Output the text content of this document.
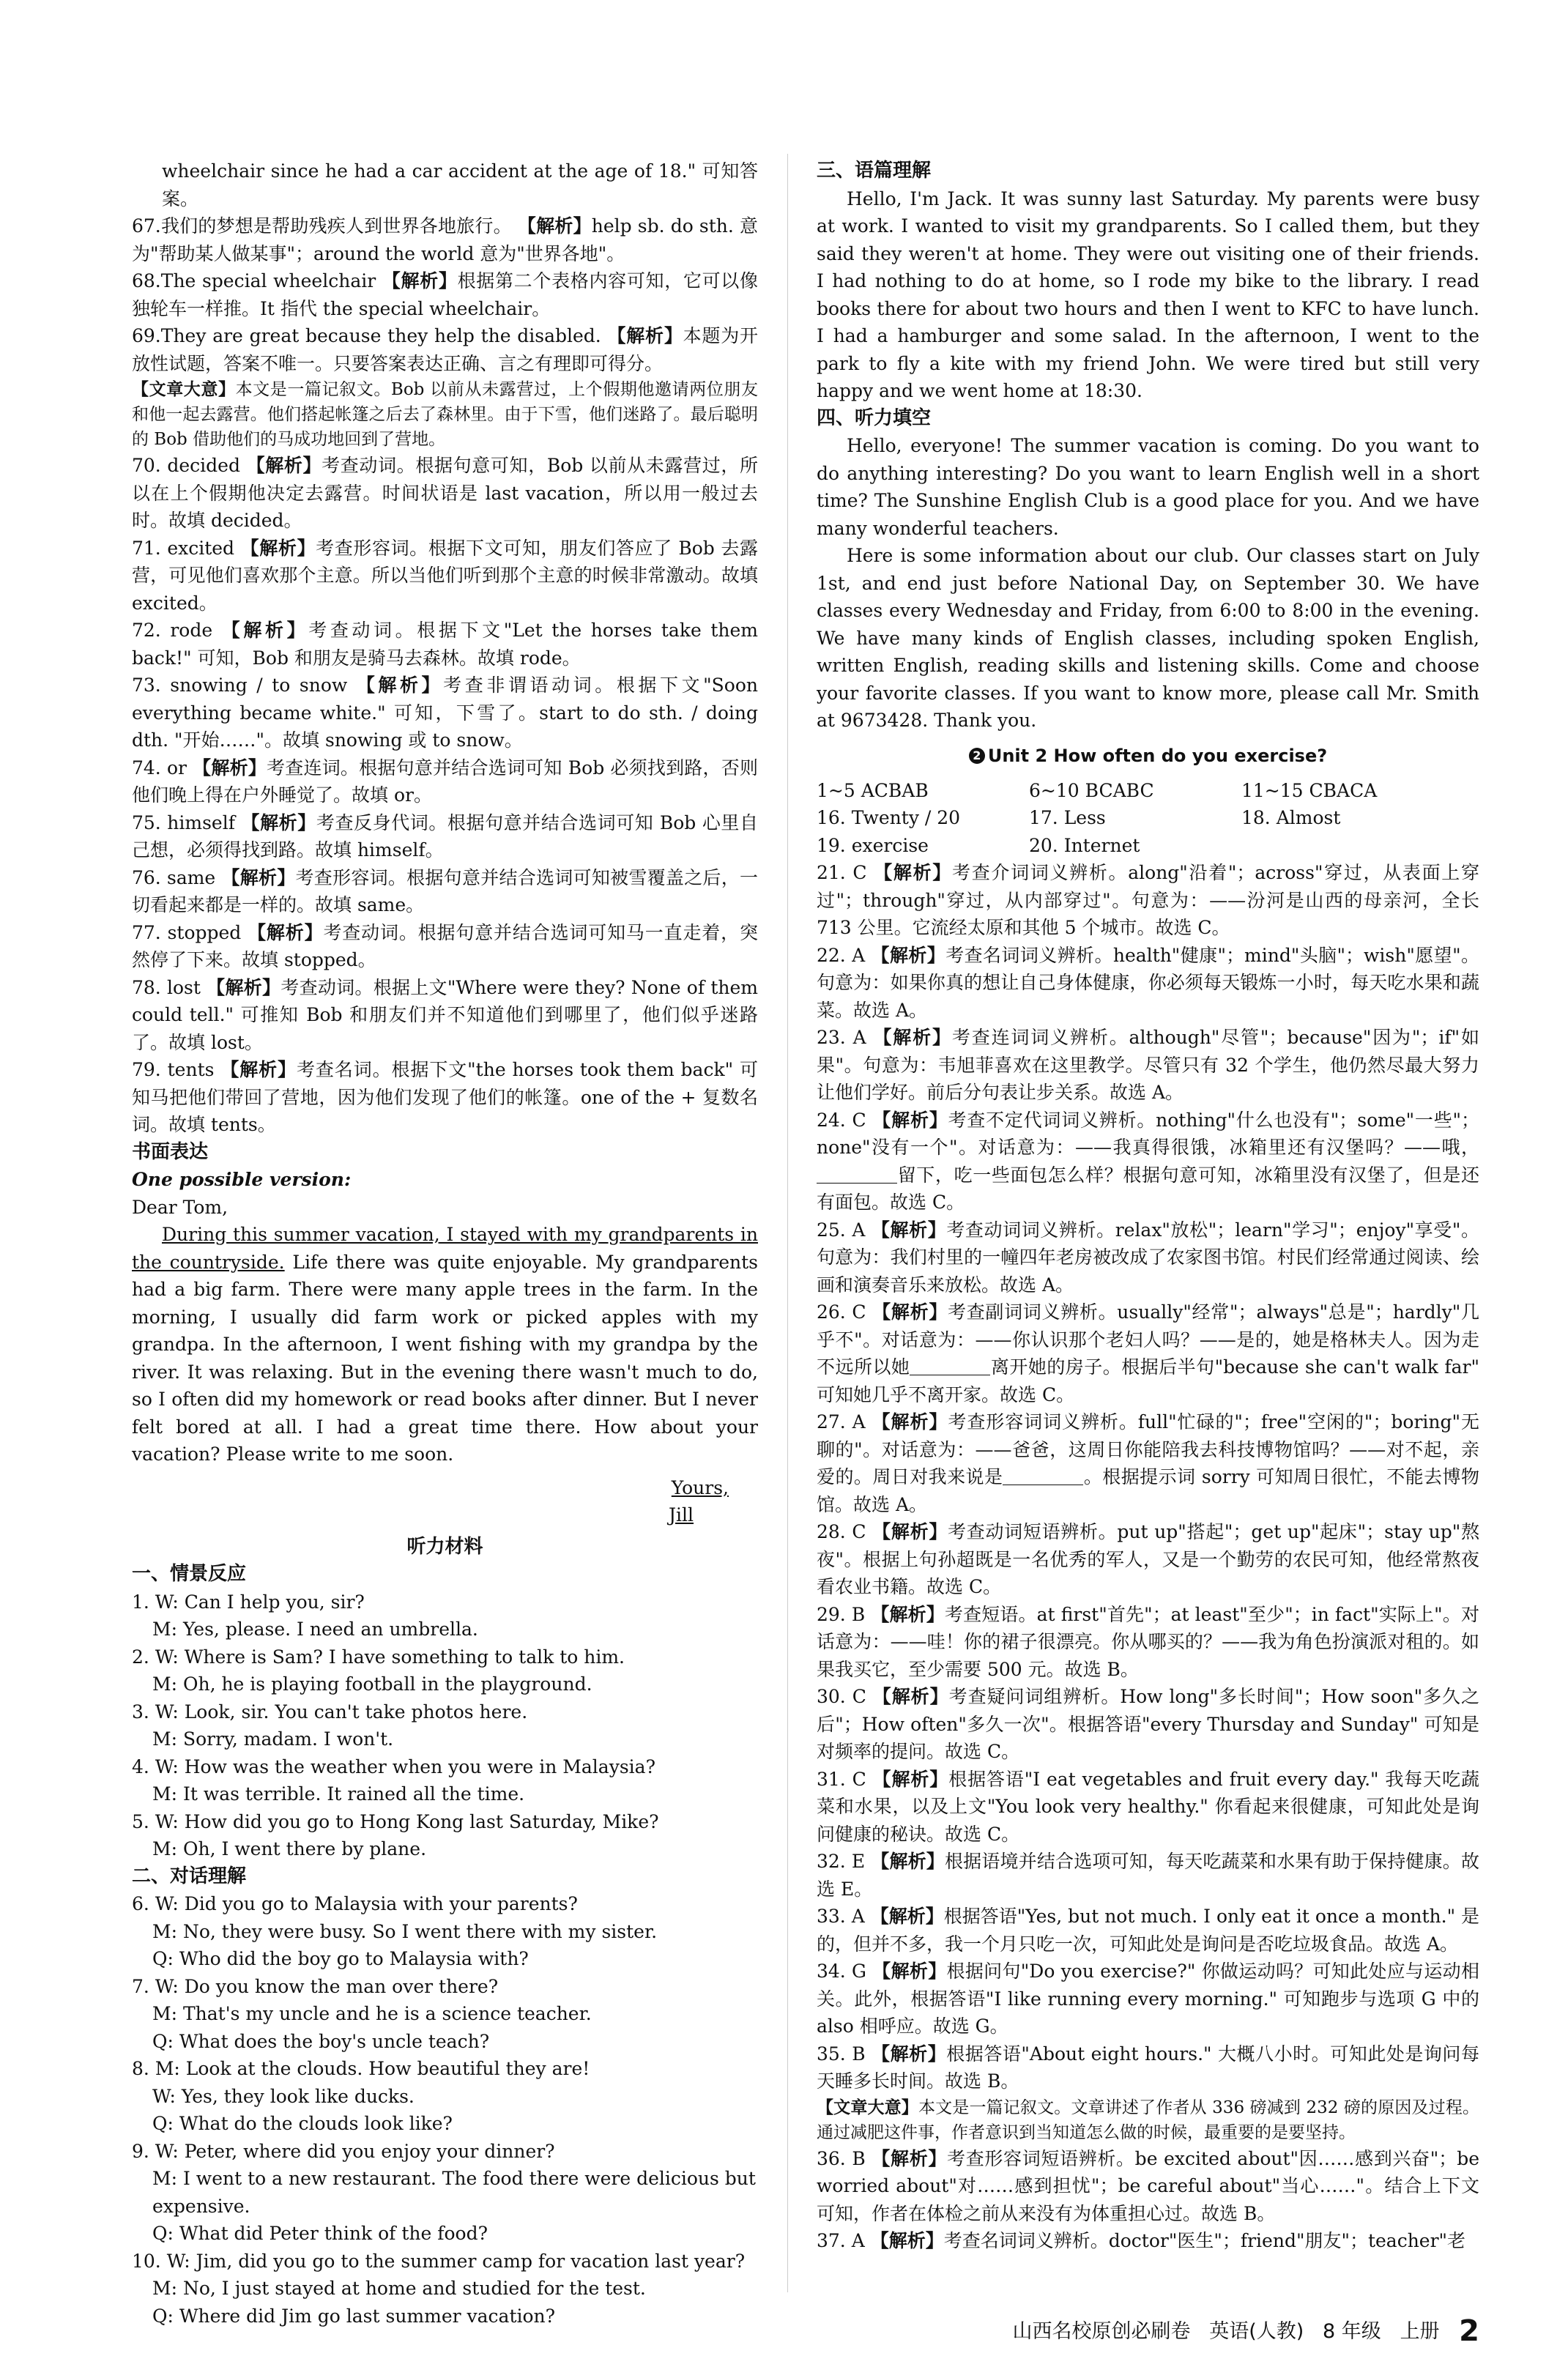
wheelchair since he had a car accident at the age of 18." 可知答案。

67.我们的梦想是帮助残疾人到世界各地旅行。 【解析】help sb. do sth. 意为"帮助某人做某事"；around the world 意为"世界各地"。

68.The special wheelchair 【解析】根据第二个表格内容可知，它可以像独轮车一样推。It 指代 the special wheelchair。

69.They are great because they help the disabled. 【解析】本题为开放性试题，答案不唯一。只要答案表达正确、言之有理即可得分。

【文章大意】本文是一篇记叙文。Bob 以前从未露营过，上个假期他邀请两位朋友和他一起去露营。他们搭起帐篷之后去了森林里。由于下雪，他们迷路了。最后聪明的 Bob 借助他们的马成功地回到了营地。

70. decided 【解析】考查动词。根据句意可知，Bob 以前从未露营过，所以在上个假期他决定去露营。时间状语是 last vacation，所以用一般过去时。故填 decided。

71. excited 【解析】考查形容词。根据下文可知，朋友们答应了 Bob 去露营，可见他们喜欢那个主意。所以当他们听到那个主意的时候非常激动。故填 excited。

72. rode 【解析】考查动词。根据下文"Let the horses take them back!" 可知，Bob 和朋友是骑马去森林。故填 rode。

73. snowing / to snow 【解析】考查非谓语动词。根据下文"Soon everything became white." 可知，下雪了。start to do sth. / doing dth. "开始……"。故填 snowing 或 to snow。

74. or 【解析】考查连词。根据句意并结合选词可知 Bob 必须找到路，否则他们晚上得在户外睡觉了。故填 or。

75. himself 【解析】考查反身代词。根据句意并结合选词可知 Bob 心里自己想，必须得找到路。故填 himself。

76. same 【解析】考查形容词。根据句意并结合选词可知被雪覆盖之后，一切看起来都是一样的。故填 same。

77. stopped 【解析】考查动词。根据句意并结合选词可知马一直走着，突然停了下来。故填 stopped。

78. lost 【解析】考查动词。根据上文"Where were they? None of them could tell." 可推知 Bob 和朋友们并不知道他们到哪里了，他们似乎迷路了。故填 lost。

79. tents 【解析】考查名词。根据下文"the horses took them back" 可知马把他们带回了营地，因为他们发现了他们的帐篷。one of the + 复数名词。故填 tents。

书面表达

One possible version:

Dear Tom,

During this summer vacation, I stayed with my grandparents in the countryside. Life there was quite enjoyable. My grandparents had a big farm. There were many apple trees in the farm. In the morning, I usually did farm work or picked apples with my grandpa. In the afternoon, I went fishing with my grandpa by the river. It was relaxing. But in the evening there wasn't much to do, so I often did my homework or read books after dinner. But I never felt bored at all. I had a great time there. How about your vacation? Please write to me soon.

Yours,

Jill

听力材料

一、情景反应

1. W: Can I help you, sir?

M: Yes, please. I need an umbrella.

2. W: Where is Sam? I have something to talk to him.

M: Oh, he is playing football in the playground.

3. W: Look, sir. You can't take photos here.

M: Sorry, madam. I won't.

4. W: How was the weather when you were in Malaysia?

M: It was terrible. It rained all the time.

5. W: How did you go to Hong Kong last Saturday, Mike?

M: Oh, I went there by plane.

二、对话理解

6. W: Did you go to Malaysia with your parents?

M: No, they were busy. So I went there with my sister.

Q: Who did the boy go to Malaysia with?

7. W: Do you know the man over there?

M: That's my uncle and he is a science teacher.

Q: What does the boy's uncle teach?

8. M: Look at the clouds. How beautiful they are!

W: Yes, they look like ducks.

Q: What do the clouds look like?

9. W: Peter, where did you enjoy your dinner?

M: I went to a new restaurant. The food there were delicious but expensive.

Q: What did Peter think of the food?

10. W: Jim, did you go to the summer camp for vacation last year?

M: No, I just stayed at home and studied for the test.

Q: Where did Jim go last summer vacation?

三、语篇理解

Hello, I'm Jack. It was sunny last Saturday. My parents were busy at work. I wanted to visit my grandparents. So I called them, but they said they weren't at home. They were out visiting one of their friends. I had nothing to do at home, so I rode my bike to the library. I read books there for about two hours and then I went to KFC to have lunch. I had a hamburger and some salad. In the afternoon, I went to the park to fly a kite with my friend John. We were tired but still very happy and we went home at 18:30.

四、听力填空

Hello, everyone! The summer vacation is coming. Do you want to do anything interesting? Do you want to learn English well in a short time? The Sunshine English Club is a good place for you. And we have many wonderful teachers.

Here is some information about our club. Our classes start on July 1st, and end just before National Day, on September 30. We have classes every Wednesday and Friday, from 6:00 to 8:00 in the evening. We have many kinds of English classes, including spoken English, written English, reading skills and listening skills. Come and choose your favorite classes. If you want to know more, please call Mr. Smith at 9673428. Thank you.

2 Unit 2 How often do you exercise?

1~5 ACBAB	6~10 BCABC	11~15 CBACA
16. Twenty / 20	17. Less	18. Almost
19. exercise	20. Internet

21. C 【解析】考查介词词义辨析。along"沿着"；across"穿过，从表面上穿过"；through"穿过，从内部穿过"。句意为：——汾河是山西的母亲河，全长 713 公里。它流经太原和其他 5 个城市。故选 C。

22. A 【解析】考查名词词义辨析。health"健康"；mind"头脑"；wish"愿望"。句意为：如果你真的想让自己身体健康，你必须每天锻炼一小时，每天吃水果和蔬菜。故选 A。

23. A 【解析】考查连词词义辨析。although"尽管"；because"因为"；if"如果"。句意为：韦旭菲喜欢在这里教学。尽管只有 32 个学生，他仍然尽最大努力让他们学好。前后分句表让步关系。故选 A。

24. C 【解析】考查不定代词词义辨析。nothing"什么也没有"；some"一些"；none"没有一个"。对话意为：——我真得很饿，冰箱里还有汉堡吗？——哦，留下，吃一些面包怎么样？根据句意可知，冰箱里没有汉堡了，但是还有面包。故选 C。

25. A 【解析】考查动词词义辨析。relax"放松"；learn"学习"；enjoy"享受"。句意为：我们村里的一幢四年老房被改成了农家图书馆。村民们经常通过阅读、绘画和演奏音乐来放松。故选 A。

26. C 【解析】考查副词词义辨析。usually"经常"；always"总是"；hardly"几乎不"。对话意为：——你认识那个老妇人吗？——是的，她是格林夫人。因为走不远所以她	离开她的房子。根据后半句"because she can't walk far" 可知她几乎不离开家。故选 C。

27. A 【解析】考查形容词词义辨析。full"忙碌的"；free"空闲的"；boring"无聊的"。对话意为：——爸爸，这周日你能陪我去科技博物馆吗？——对不起，亲爱的。周日对我来说是	。根据提示词 sorry 可知周日很忙，不能去博物馆。故选 A。

28. C 【解析】考查动词短语辨析。put up"搭起"；get up"起床"；stay up"熬夜"。根据上句孙超既是一名优秀的军人，又是一个勤劳的农民可知，他经常熬夜看农业书籍。故选 C。

29. B 【解析】考查短语。at first"首先"；at least"至少"；in fact"实际上"。对话意为：——哇！你的裙子很漂亮。你从哪买的？——我为角色扮演派对租的。如果我买它，至少需要 500 元。故选 B。

30. C 【解析】考查疑问词组辨析。How long"多长时间"；How soon"多久之后"；How often"多久一次"。根据答语"every Thursday and Sunday" 可知是对频率的提问。故选 C。

31. C 【解析】根据答语"I eat vegetables and fruit every day." 我每天吃蔬菜和水果，以及上文"You look very healthy." 你看起来很健康，可知此处是询问健康的秘诀。故选 C。

32. E 【解析】根据语境并结合选项可知，每天吃蔬菜和水果有助于保持健康。故选 E。

33. A 【解析】根据答语"Yes, but not much. I only eat it once a month." 是的，但并不多，我一个月只吃一次，可知此处是询问是否吃垃圾食品。故选 A。

34. G 【解析】根据问句"Do you exercise?" 你做运动吗？可知此处应与运动相关。此外，根据答语"I like running every morning." 可知跑步与选项 G 中的 also 相呼应。故选 G。

35. B 【解析】根据答语"About eight hours." 大概八小时。可知此处是询问每天睡多长时间。故选 B。

【文章大意】本文是一篇记叙文。文章讲述了作者从 336 磅减到 232 磅的原因及过程。通过减肥这件事，作者意识到当知道怎么做的时候，最重要的是要坚持。

36. B 【解析】考查形容词短语辨析。be excited about"因……感到兴奋"；be worried about"对……感到担忧"；be careful about"当心……"。结合上下文可知，作者在体检之前从来没有为体重担心过。故选 B。

37. A 【解析】考查名词词义辨析。doctor"医生"；friend"朋友"；teacher"老

山西名校原创必刷卷 英语(人教) 8 年级 上册 2
